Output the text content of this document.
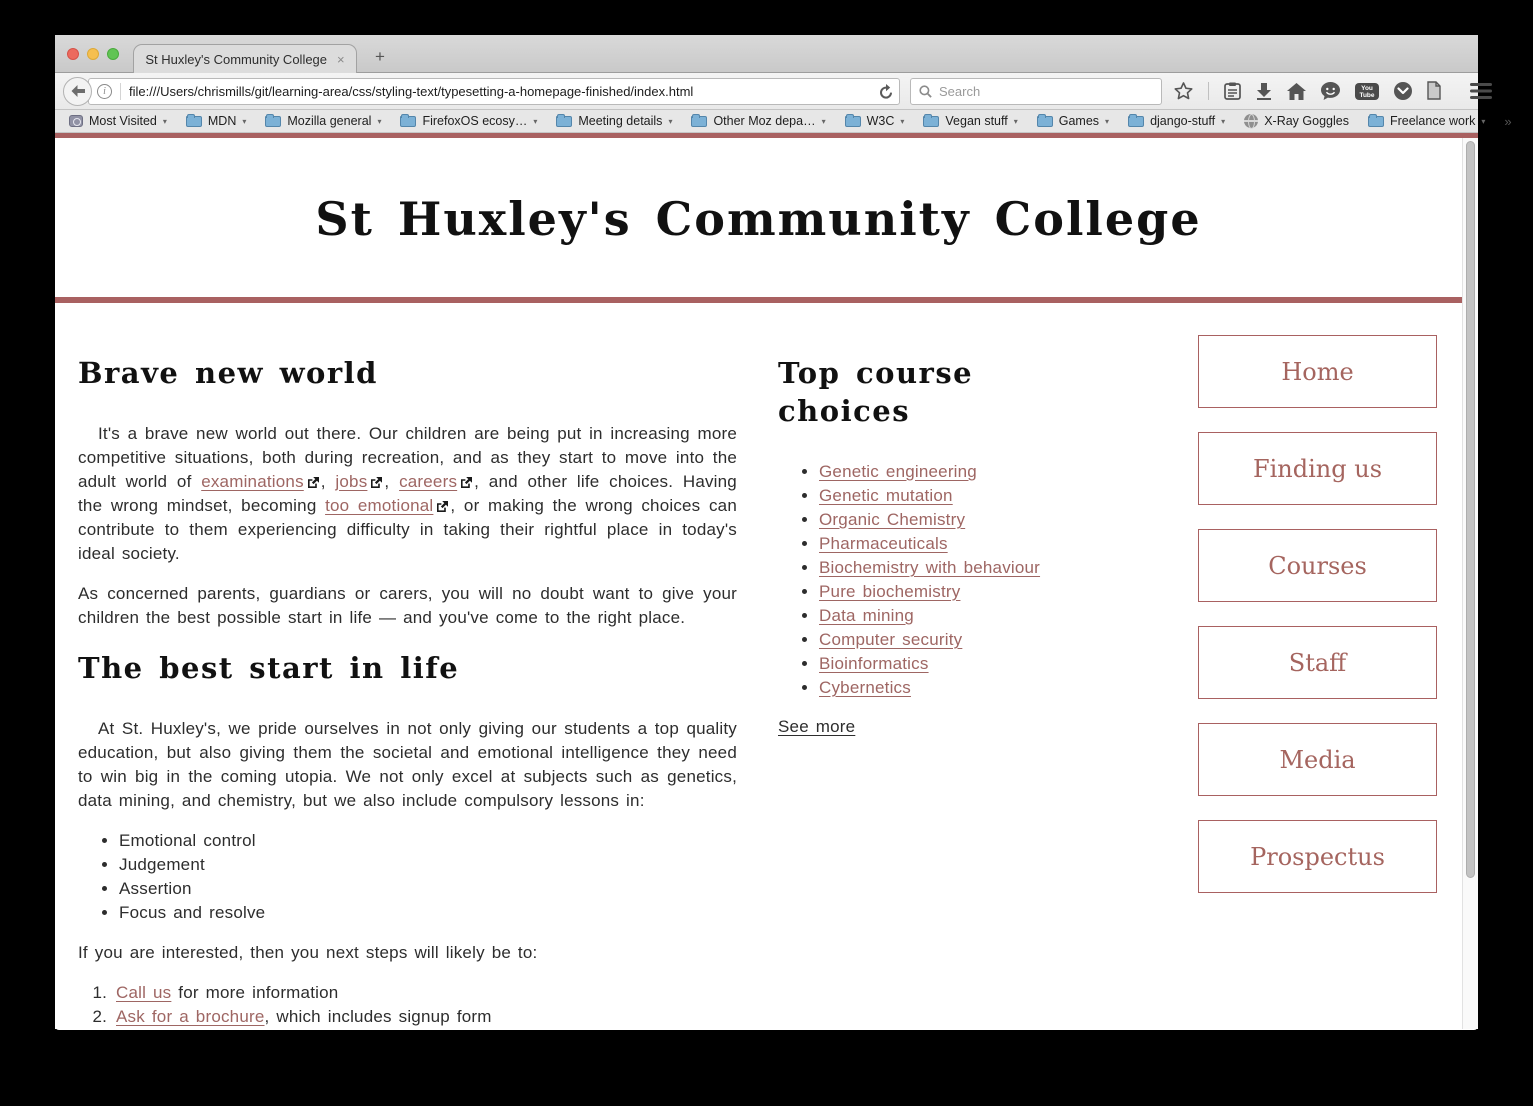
St Huxley's Community College ×	+
i	file:///Users/chrismills/git/learning-area/css/styling-text/typesetting-a-homepage-finished/index.html	Search	You
Tube
Most Visited ▾	MDN ▾	Mozilla general ▾	FirefoxOS ecosy… ▾	Meeting details ▾	Other Moz depa… ▾	W3C ▾	Vegan stuff ▾	Games ▾	django-stuff ▾	X-Ray Goggles	Freelance work ▾ »
St Huxley's Community College
Brave new world

It's a brave new world out there. Our children are being put in increasing more competitive situations, both during recreation, and as they start to move into the adult world of examinations , jobs , careers , and other life choices. Having the wrong mindset, becoming too emotional , or making the wrong choices can contribute to them experiencing difficulty in taking their rightful place in today's ideal society.

As concerned parents, guardians or carers, you will no doubt want to give your children the best possible start in life — and you've come to the right place.

The best start in life

At St. Huxley's, we pride ourselves in not only giving our students a top quality education, but also giving them the societal and emotional intelligence they need to win big in the coming utopia. We not only excel at subjects such as genetics, data mining, and chemistry, but we also include compulsory lessons in:

• Emotional control
• Judgement
• Assertion
• Focus and resolve

If you are interested, then you next steps will likely be to:

1. Call us for more information
2. Ask for a brochure, which includes signup form
Top course choices
• Genetic engineering
• Genetic mutation
• Organic Chemistry
• Pharmaceuticals
• Biochemistry with behaviour
• Pure biochemistry
• Data mining
• Computer security
• Bioinformatics
• Cybernetics
See more
Home
Finding us
Courses
Staff
Media
Prospectus
